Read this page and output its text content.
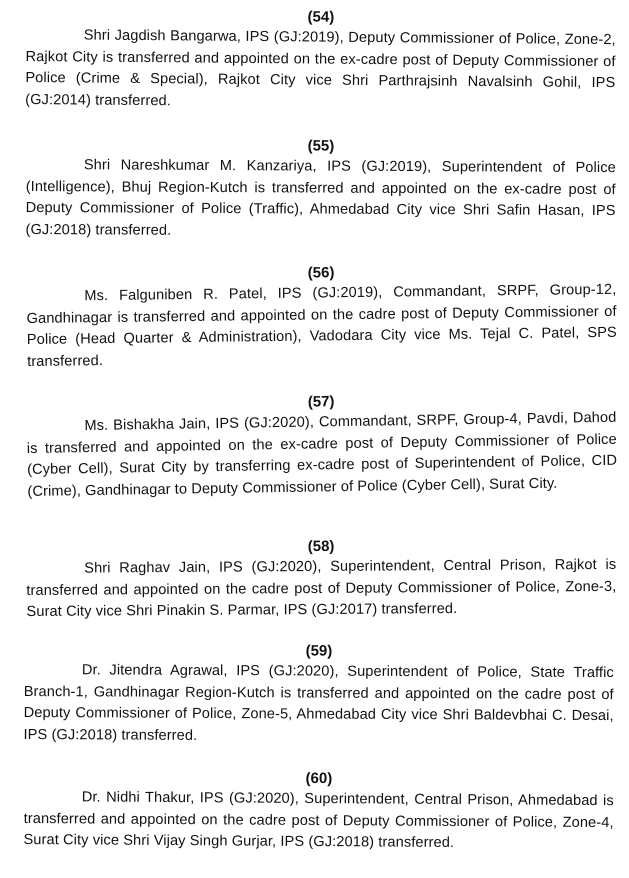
(54)

Shri Jagdish Bangarwa, IPS (GJ:2019), Deputy Commissioner of Police, Zone-2, Rajkot City is transferred and appointed on the ex-cadre post of Deputy Commissioner of Police (Crime & Special), Rajkot City vice Shri Parthrajsinh Navalsinh Gohil, IPS (GJ:2014) transferred.

(55)

Shri Nareshkumar M. Kanzariya, IPS (GJ:2019), Superintendent of Police (Intelligence), Bhuj Region-Kutch is transferred and appointed on the ex-cadre post of Deputy Commissioner of Police (Traffic), Ahmedabad City vice Shri Safin Hasan, IPS (GJ:2018) transferred.

(56)

Ms. Falguniben R. Patel, IPS (GJ:2019), Commandant, SRPF, Group-12, Gandhinagar is transferred and appointed on the cadre post of Deputy Commissioner of Police (Head Quarter & Administration), Vadodara City vice Ms. Tejal C. Patel, SPS transferred.

(57)

Ms. Bishakha Jain, IPS (GJ:2020), Commandant, SRPF, Group-4, Pavdi, Dahod is transferred and appointed on the ex-cadre post of Deputy Commissioner of Police (Cyber Cell), Surat City by transferring ex-cadre post of Superintendent of Police, CID (Crime), Gandhinagar to Deputy Commissioner of Police (Cyber Cell), Surat City.

(58)

Shri Raghav Jain, IPS (GJ:2020), Superintendent, Central Prison, Rajkot is transferred and appointed on the cadre post of Deputy Commissioner of Police, Zone-3, Surat City vice Shri Pinakin S. Parmar, IPS (GJ:2017) transferred.

(59)

Dr. Jitendra Agrawal, IPS (GJ:2020), Superintendent of Police, State Traffic Branch-1, Gandhinagar Region-Kutch is transferred and appointed on the cadre post of Deputy Commissioner of Police, Zone-5, Ahmedabad City vice Shri Baldevbhai C. Desai, IPS (GJ:2018) transferred.

(60)

Dr. Nidhi Thakur, IPS (GJ:2020), Superintendent, Central Prison, Ahmedabad is transferred and appointed on the cadre post of Deputy Commissioner of Police, Zone-4, Surat City vice Shri Vijay Singh Gurjar, IPS (GJ:2018) transferred.
